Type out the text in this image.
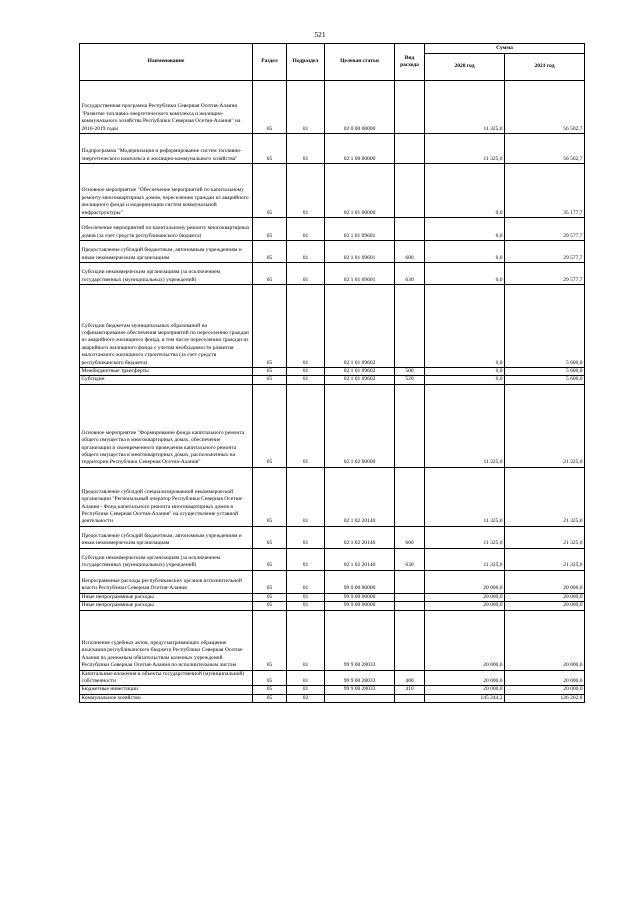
521
Наименование	Раздел	Подраздел	Целевая статья	Вид расхода	Сумма	
					2020 год	2021 год
Государственная программа Республики Северная Осетия-Алания "Развитие топливно-энергетического комплекса и жилищно-коммунального хозяйства Республики Северная Осетия-Алания" на 2016-2019 годы	05	01	02 0 00 00000		11 325,0	56 502,7
Подпрограмма "Модернизация и реформирование систем топливно-энергетического комплекса и жилищно-коммунального хозяйства"	05	01	02 1 00 00000		11 325,0	56 502,7
Основное мероприятие "Обеспечение мероприятий по капитальному ремонту многоквартирных домов, переселению граждан из аварийного жилищного фонда и модернизации систем коммунальной инфраструктуры"	05	01	02 1 01 00000		0,0	35 177,7
Обеспечение мероприятий по капитальному ремонту многоквартирных домов (за счет средств республиканского бюджета)	05	01	02 1 01 09601		0,0	29 577,7
Предоставление субсидий бюджетным, автономным учреждениям и иным некоммерческим организациям	05	01	02 1 01 09601	600	0,0	29 577,7
Субсидии некоммерческим организациям (за исключением государственных (муниципальных) учреждений)	05	01	02 1 01 09601	630	0,0	29 577,7
Субсидии бюджетам муниципальных образований на софинансирование обеспечения мероприятий по переселению граждан из аварийного жилищного фонда, в том числе переселению граждан из аварийного жилищного фонда с учетом необходимости развития малоэтажного жилищного строительства (за счет средств республиканского бюджета)	05	01	02 1 01 09602		0,0	5 600,0
Межбюджетные трансферты	05	01	02 1 01 09602	500	0,0	5 600,0
Субсидии	05	01	02 1 01 09602	520	0,0	5 600,0
Основное мероприятие "Формирование фонда капитального ремонта общего имущества в многоквартирных домах, обеспечение организации и своевременного проведения капитального ремонта общего имущества в многоквартирных домах, расположенных на территории Республики Северная Осетия-Алания"	05	01	02 1 02 00000		11 325,0	21 325,0
Предоставление субсидий специализированной некоммерческой организации "Региональный оператор Республики Северная Осетия-Алания - Фонд капитального ремонта многоквартирных домов в Республике Северная Осетия-Алания" на осуществление уставной деятельности	05	01	02 1 02 20140		11 325,0	21 325,0
Предоставление субсидий бюджетным, автономным учреждениям и иным некоммерческим организациям	05	01	02 1 02 20140	600	11 325,0	21 325,0
Субсидии некоммерческим организациям (за исключением государственных (муниципальных) учреждений)	05	01	02 1 02 20140	630	11 325,0	21 325,0
Непрограммные расходы республиканских органов исполнительной власти Республики Северная Осетия-Алания	05	01	99 0 00 00000		20 000,0	20 000,0
Иные непрограммные расходы	05	01	99 9 00 00000		20 000,0	20 000,0
Иные непрограммные расходы	05	01	99 9 00 00000		20 000,0	20 000,0
Исполнение судебных актов, предусматривающих обращение взыскания республиканского бюджета Республики Северная Осетия-Алания по денежным обязательствам казенных учреждений Республики Северная Осетия-Алания по исполнительным листам	05	01	99 9 00 28033		20 000,0	20 000,0
Капитальные вложения в объекты государственной (муниципальной) собственности	05	01	99 9 00 28033	400	20 000,0	20 000,0
Бюджетные инвестиции	05	01	99 9 00 28033	410	20 000,0	20 000,0
Коммунальное хозяйство	05	02			145 244,2	126 202,8
